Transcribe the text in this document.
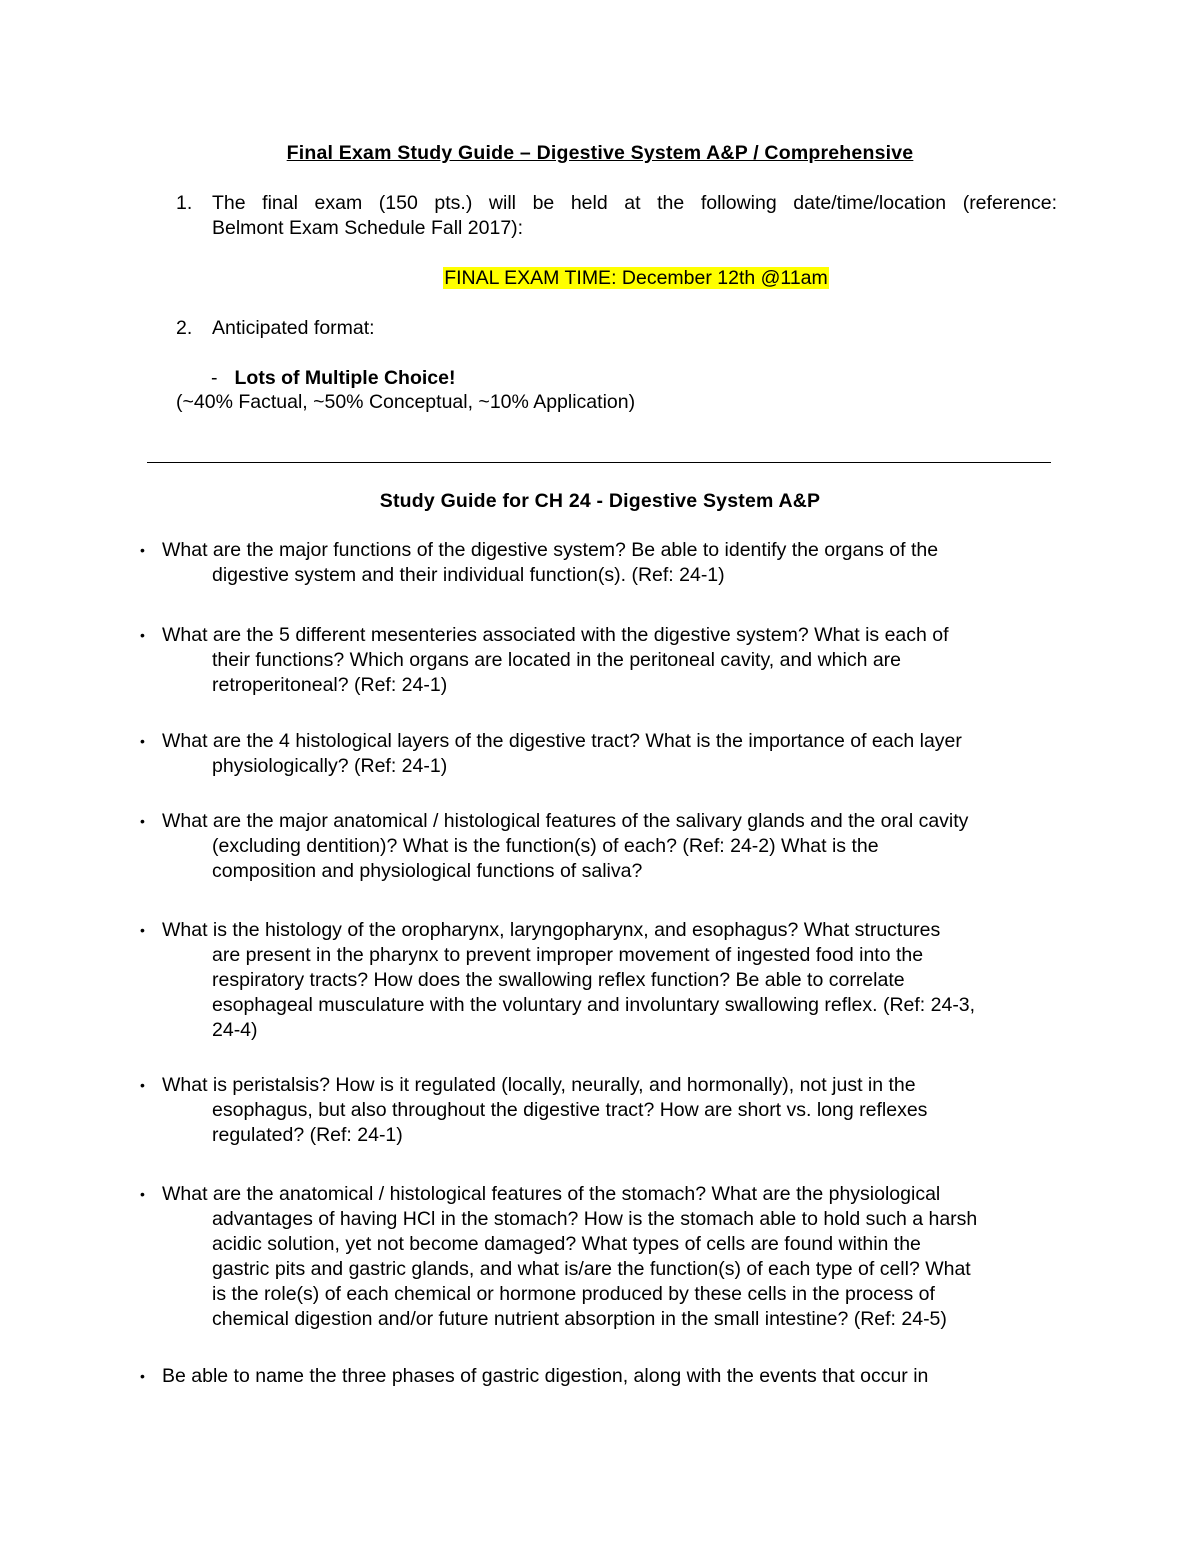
Final Exam Study Guide – Digestive System A&P / Comprehensive
1. The final exam (150 pts.) will be held at the following date/time/location (reference:
Belmont Exam Schedule Fall 2017):
FINAL EXAM TIME: December 12th @11am
2. Anticipated format:
- Lots of Multiple Choice!
(~40% Factual, ~50% Conceptual, ~10% Application)
Study Guide for CH 24 - Digestive System A&P
• What are the major functions of the digestive system? Be able to identify the organs of the

digestive system and their individual function(s). (Ref: 24-1)

• What are the 5 different mesenteries associated with the digestive system? What is each of

their functions? Which organs are located in the peritoneal cavity, and which are

retroperitoneal? (Ref: 24-1)

• What are the 4 histological layers of the digestive tract? What is the importance of each layer

physiologically? (Ref: 24-1)

• What are the major anatomical / histological features of the salivary glands and the oral cavity

(excluding dentition)? What is the function(s) of each? (Ref: 24-2) What is the

composition and physiological functions of saliva?

• What is the histology of the oropharynx, laryngopharynx, and esophagus? What structures

are present in the pharynx to prevent improper movement of ingested food into the

respiratory tracts? How does the swallowing reflex function? Be able to correlate

esophageal musculature with the voluntary and involuntary swallowing reflex. (Ref: 24-3,

24-4)

• What is peristalsis? How is it regulated (locally, neurally, and hormonally), not just in the

esophagus, but also throughout the digestive tract? How are short vs. long reflexes

regulated? (Ref: 24-1)

• What are the anatomical / histological features of the stomach? What are the physiological

advantages of having HCl in the stomach? How is the stomach able to hold such a harsh

acidic solution, yet not become damaged? What types of cells are found within the

gastric pits and gastric glands, and what is/are the function(s) of each type of cell? What

is the role(s) of each chemical or hormone produced by these cells in the process of

chemical digestion and/or future nutrient absorption in the small intestine? (Ref: 24-5)

• Be able to name the three phases of gastric digestion, along with the events that occur in
